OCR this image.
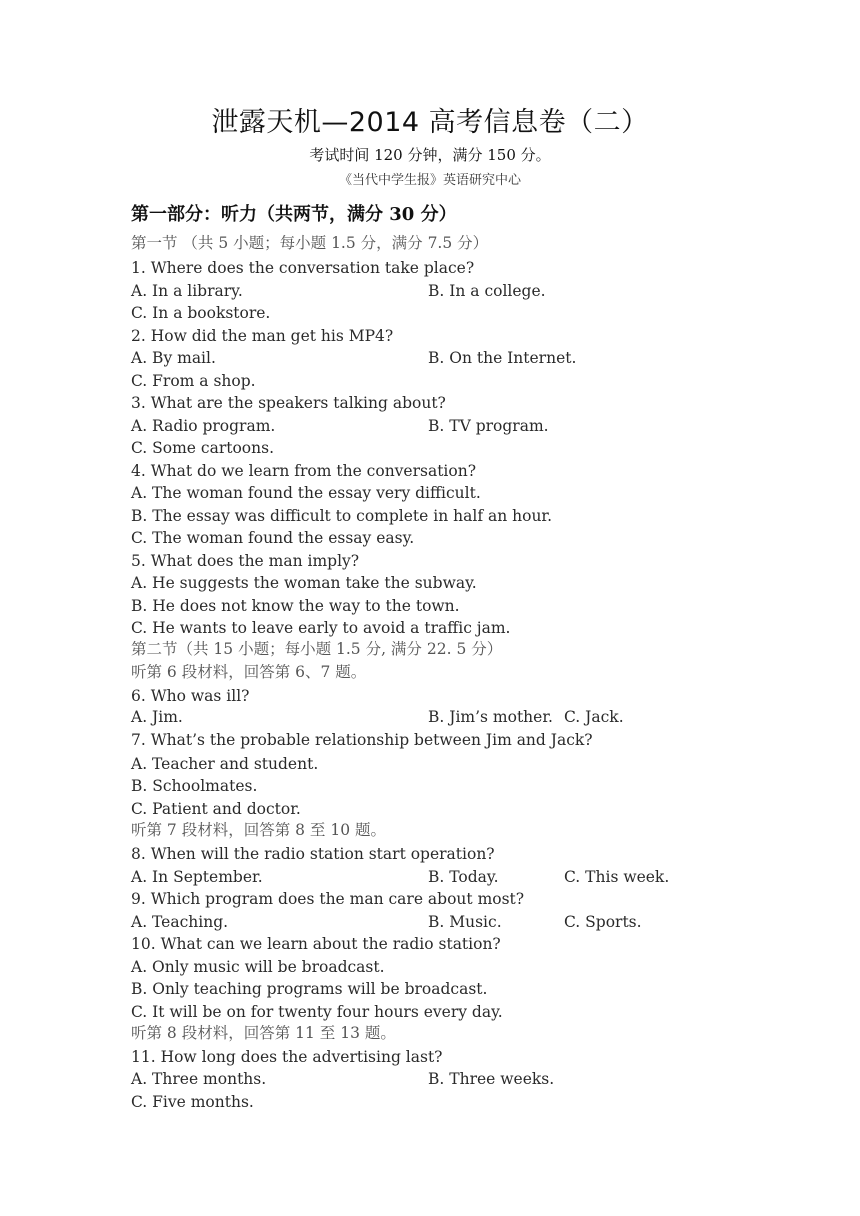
泄露天机—2014 高考信息卷（二）
考试时间 120 分钟，满分 150 分。
《当代中学生报》英语研究中心
第一部分：听力（共两节，满分 30 分）
第一节 （共 5 小题；每小题 1.5 分，满分 7.5 分）
1. Where does the conversation take place?
A. In a library.	B. In a college.
C. In a bookstore.
2. How did the man get his MP4?
A. By mail.	B. On the Internet.
C. From a shop.
3. What are the speakers talking about?
A. Radio program.	B. TV program.
C. Some cartoons.
4. What do we learn from the conversation?
A. The woman found the essay very difficult.
B. The essay was difficult to complete in half an hour.
C. The woman found the essay easy.
5. What does the man imply?
A. He suggests the woman take the subway.
B. He does not know the way to the town.
C. He wants to leave early to avoid a traffic jam.
第二节（共 15 小题；每小题 1.5 分, 满分 22. 5 分）
听第 6 段材料，回答第 6、7 题。
6. Who was ill?
A. Jim.	B. Jim’s mother. C. Jack.
7. What’s the probable relationship between Jim and Jack?
A. Teacher and student.
B. Schoolmates.
C. Patient and doctor.
听第 7 段材料，回答第 8 至 10 题。
8. When will the radio station start operation?
A. In September.	B. Today.	C. This week.
9. Which program does the man care about most?
A. Teaching.	B. Music.	C. Sports.
10. What can we learn about the radio station?
A. Only music will be broadcast.
B. Only teaching programs will be broadcast.
C. It will be on for twenty four hours every day.
听第 8 段材料，回答第 11 至 13 题。
11. How long does the advertising last?
A. Three months.	B. Three weeks.
C. Five months.
